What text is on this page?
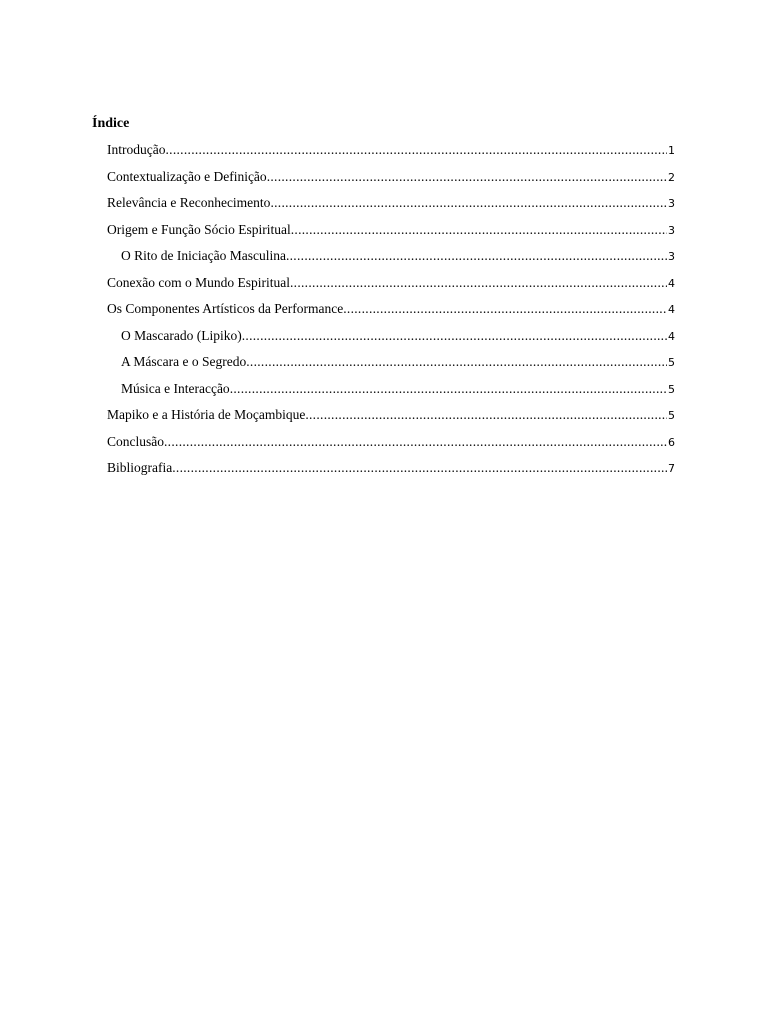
Índice
Introdução .....	1
Contextualização e Definição .....	2
Relevância e Reconhecimento .....	3
Origem e Função Sócio Espiritual .....	3
O Rito de Iniciação Masculina .....	3
Conexão com o Mundo Espiritual .....	4
Os Componentes Artísticos da Performance .....	4
O Mascarado (Lipiko) .....	4
A Máscara e o Segredo .....	5
Música e Interacção .....	5
Mapiko e a História de Moçambique .....	5
Conclusão .....	6
Bibliografia .....	7
